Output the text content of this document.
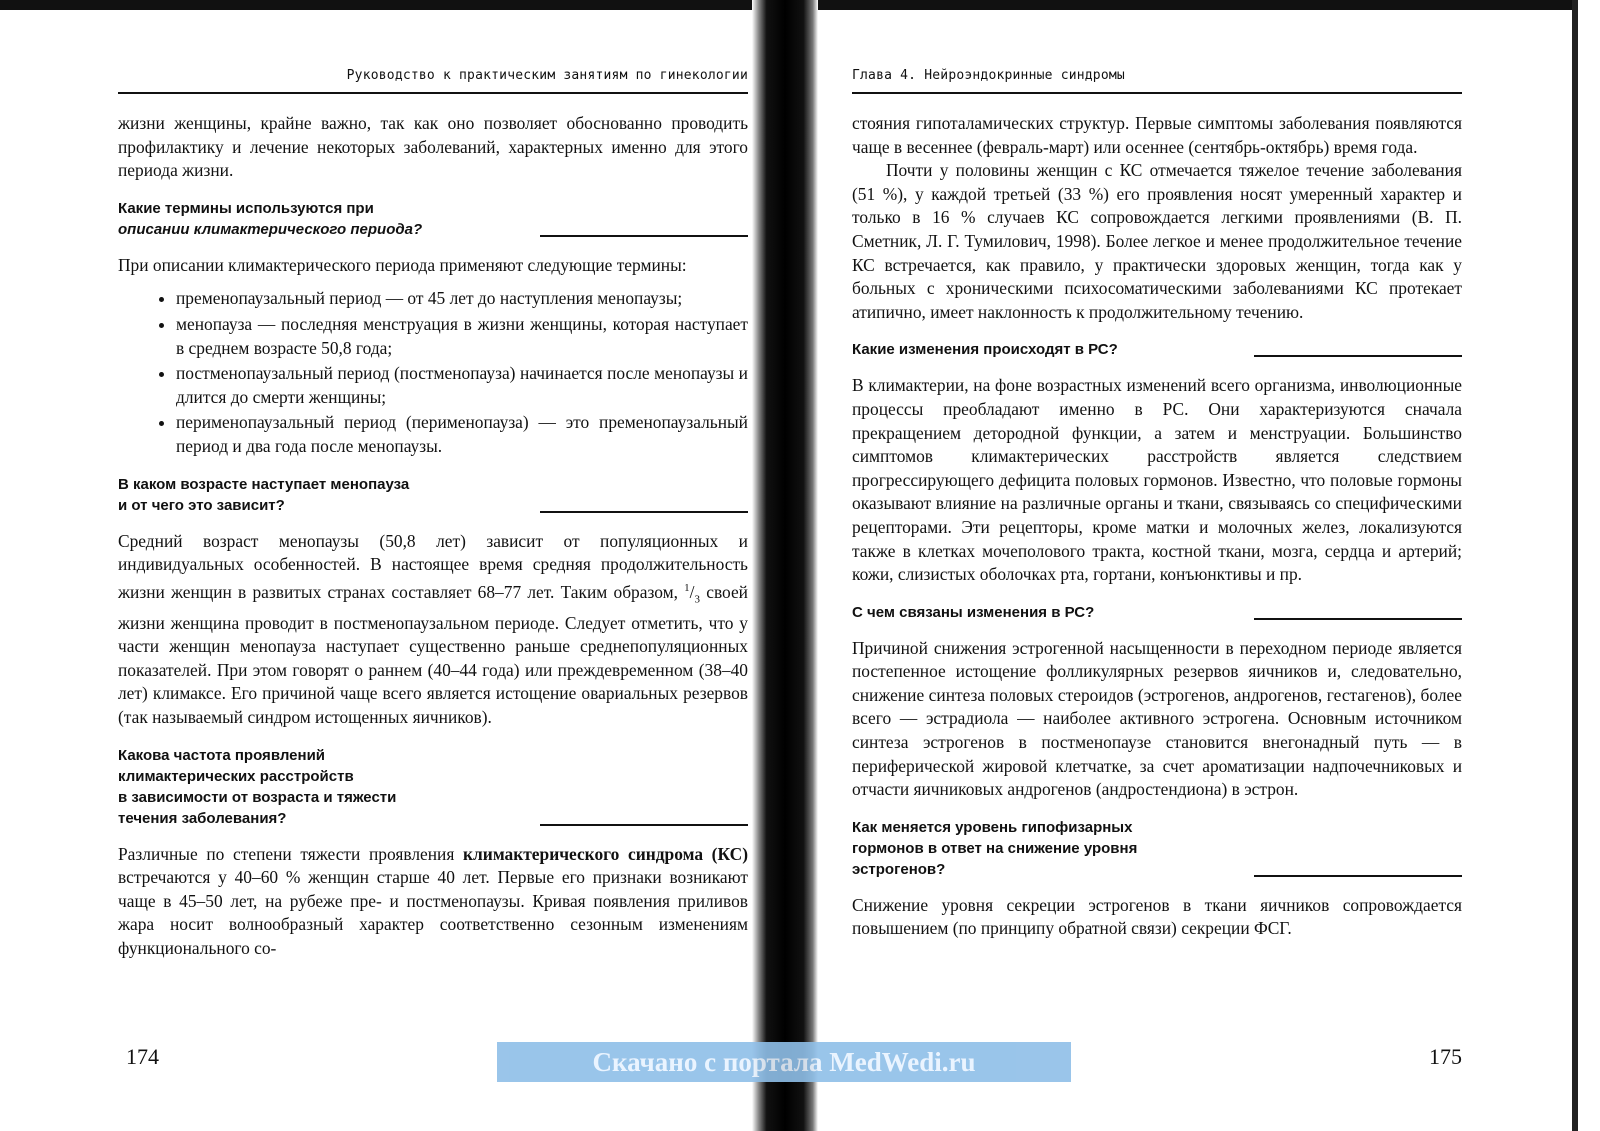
Руководство к практическим занятиям по гинекологии

жизни женщины, крайне важно, так как оно позволяет обоснованно проводить профилактику и лечение некоторых заболеваний, характерных именно для этого периода жизни.

Какие термины используются при
описании климактерического периода?

При описании климактерического периода применяют следующие термины:

• пременопаузальный период — от 45 лет до наступления менопаузы;
• менопауза — последняя менструация в жизни женщины, которая наступает в среднем возрасте 50,8 года;
• постменопаузальный период (постменопауза) начинается после менопаузы и длится до смерти женщины;
• перименопаузальный период (перименопауза) — это пременопаузальный период и два года после менопаузы.
В каком возрасте наступает менопауза
и от чего это зависит?

Средний возраст менопаузы (50,8 лет) зависит от популяционных и индивидуальных особенностей. В настоящее время средняя продолжительность жизни женщин в развитых странах составляет 68–77 лет. Таким образом, $^1/_3$ своей жизни женщина проводит в постменопаузальном периоде. Следует отметить, что у части женщин менопауза наступает существенно раньше среднепопуляционных показателей. При этом говорят о раннем (40–44 года) или преждевременном (38–40 лет) климаксе. Его причиной чаще всего является истощение овариальных резервов (так называемый синдром истощенных яичников).

Какова частота проявлений
климактерических расстройств
в зависимости от возраста и тяжести
течения заболевания?

Различные по степени тяжести проявления климактерического синдрома (КС) встречаются у 40–60 % женщин старше 40 лет. Первые его признаки возникают чаще в 45–50 лет, на рубеже пре- и постменопаузы. Кривая появления приливов жара носит волнообразный характер соответственно сезонным изменениям функционального со-

174
Глава 4. Нейроэндокринные синдромы

стояния гипоталамических структур. Первые симптомы заболевания появляются чаще в весеннее (февраль-март) или осеннее (сентябрь-октябрь) время года.

Почти у половины женщин с КС отмечается тяжелое течение заболевания (51 %), у каждой третьей (33 %) его проявления носят умеренный характер и только в 16 % случаев КС сопровождается легкими проявлениями (В. П. Сметник, Л. Г. Тумилович, 1998). Более легкое и менее продолжительное течение КС встречается, как правило, у практически здоровых женщин, тогда как у больных с хроническими психосоматическими заболеваниями КС протекает атипично, имеет наклонность к продолжительному течению.

Какие изменения происходят в РС?

В климактерии, на фоне возрастных изменений всего организма, инволюционные процессы преобладают именно в РС. Они характеризуются сначала прекращением детородной функции, а затем и менструации. Большинство симптомов климактерических расстройств является следствием прогрессирующего дефицита половых гормонов. Известно, что половые гормоны оказывают влияние на различные органы и ткани, связываясь со специфическими рецепторами. Эти рецепторы, кроме матки и молочных желез, локализуются также в клетках мочеполового тракта, костной ткани, мозга, сердца и артерий; кожи, слизистых оболочках рта, гортани, конъюнктивы и пр.

С чем связаны изменения в РС?

Причиной снижения эстрогенной насыщенности в переходном периоде является постепенное истощение фолликулярных резервов яичников и, следовательно, снижение синтеза половых стероидов (эстрогенов, андрогенов, гестагенов), более всего — эстрадиола — наиболее активного эстрогена. Основным источником синтеза эстрогенов в постменопаузе становится внегонадный путь — в периферической жировой клетчатке, за счет ароматизации надпочечниковых и отчасти яичниковых андрогенов (андростендиона) в эстрон.

Как меняется уровень гипофизарных
гормонов в ответ на снижение уровня
эстрогенов?

Снижение уровня секреции эстрогенов в ткани яичников сопровождается повышением (по принципу обратной связи) секреции ФСГ.

175
Скачано с портала MedWedi.ru
